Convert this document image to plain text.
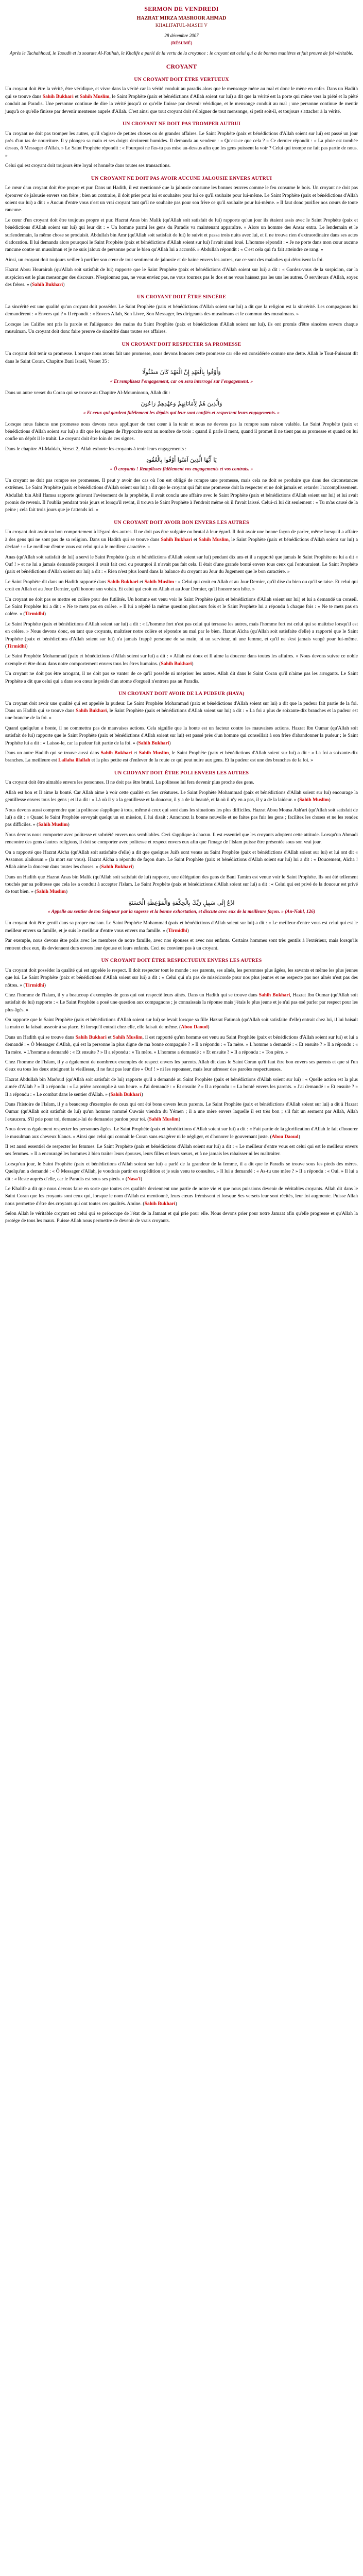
SERMON DE VENDREDI
HAZRAT MIRZA MASROOR AHMAD
KHALIFATUL-MASIH V
28 décembre 2007
(RÉSUMÉ)
Après le Tachahhoud, le Taoudh et la sourate Al-Fatihah, le Khalife a parlé de la vertu de la croyance : le croyant est celui qui a de bonnes manières et fait preuve de foi véritable.
CROYANT
UN CROYANT DOIT ÊTRE VERTUEUX

Un croyant doit être la vérité, être véridique, et vivre dans la vérité car la vérité conduit au paradis alors que le mensonge mène au mal et donc le mène en enfer. Dans un Hadith qui se trouve dans Sahih Bukhari et Sahih Muslim, le Saint Prophète (paix et bénédictions d'Allah soient sur lui) a dit que la vérité est la porte qui mène vers la piété et la piété conduit au Paradis. Une personne continue de dire la vérité jusqu'à ce qu'elle finisse par devenir véridique, et le mensonge conduit au mal ; une personne continue de mentir jusqu'à ce qu'elle finisse par devenir menteuse auprès d'Allah. C'est ainsi que tout croyant doit s'éloigner de tout mensonge, si petit soit-il, et toujours s'attacher à la vérité.

UN CROYANT NE DOIT PAS TROMPER AUTRUI

Un croyant ne doit pas tromper les autres, qu'il s'agisse de petites choses ou de grandes affaires. Le Saint Prophète (paix et bénédictions d'Allah soient sur lui) est passé un jour près d'un tas de nourriture. Il y plongea sa main et ses doigts devinrent humides. Il demanda au vendeur : « Qu'est-ce que cela ? » Ce dernier répondit : « La pluie est tombée dessus, ô Messager d'Allah. » Le Saint Prophète répondit : « Pourquoi ne l'as-tu pas mise au-dessus afin que les gens puissent la voir ? Celui qui trompe ne fait pas partie de nous. »

Celui qui est croyant doit toujours être loyal et honnête dans toutes ses transactions.

UN CROYANT NE DOIT PAS AVOIR AUCUNE JALOUSIE ENVERS AUTRUI

Le cœur d'un croyant doit être propre et pur. Dans un Hadith, il est mentionné que la jalousie consume les bonnes œuvres comme le feu consume le bois. Un croyant ne doit pas éprouver de jalousie envers son frère ; bien au contraire, il doit prier pour lui et souhaiter pour lui ce qu'il souhaite pour lui-même. Le Saint Prophète (paix et bénédictions d'Allah soient sur lui) a dit : « Aucun d'entre vous n'est un vrai croyant tant qu'il ne souhaite pas pour son frère ce qu'il souhaite pour lui-même. » Il faut donc purifier nos cœurs de toute rancune.

Le cœur d'un croyant doit être toujours propre et pur. Hazrat Anas bin Malik (qu'Allah soit satisfait de lui) rapporte qu'un jour ils étaient assis avec le Saint Prophète (paix et bénédictions d'Allah soient sur lui) qui leur dit : « Un homme parmi les gens du Paradis va maintenant apparaître. » Alors un homme des Ansar entra. Le lendemain et le surlendemain, la même chose se produisit. Abdullah bin Amr (qu'Allah soit satisfait de lui) le suivit et passa trois nuits avec lui, et il ne trouva rien d'extraordinaire dans ses actes d'adoration. Il lui demanda alors pourquoi le Saint Prophète (paix et bénédictions d'Allah soient sur lui) l'avait ainsi loué. L'homme répondit : « Je ne porte dans mon cœur aucune rancune contre un musulman et je ne suis jaloux de personne pour le bien qu'Allah lui a accordé. » Abdullah répondit : « C'est cela qui t'a fait atteindre ce rang. »

Ainsi, un croyant doit toujours veiller à purifier son cœur de tout sentiment de jalousie et de haine envers les autres, car ce sont des maladies qui détruisent la foi.

Hazrat Abou Hourairah (qu'Allah soit satisfait de lui) rapporte que le Saint Prophète (paix et bénédictions d'Allah soient sur lui) a dit : « Gardez-vous de la suspicion, car la suspicion est le plus mensonger des discours. N'espionnez pas, ne vous enviez pas, ne vous tournez pas le dos et ne vous haïssez pas les uns les autres. Ô serviteurs d'Allah, soyez des frères. » (Sahih Bukhari)

UN CROYANT DOIT ÊTRE SINCÈRE

La sincérité est une qualité qu'un croyant doit posséder. Le Saint Prophète (paix et bénédictions d'Allah soient sur lui) a dit que la religion est la sincérité. Les compagnons lui demandèrent : « Envers qui ? » Il répondit : « Envers Allah, Son Livre, Son Messager, les dirigeants des musulmans et le commun des musulmans. »

Lorsque les Califes ont pris la parole et l'allégeance des mains du Saint Prophète (paix et bénédictions d'Allah soient sur lui), ils ont promis d'être sincères envers chaque musulman. Un croyant doit donc faire preuve de sincérité dans toutes ses affaires.

UN CROYANT DOIT RESPECTER SA PROMESSE

Un croyant doit tenir sa promesse. Lorsque nous avons fait une promesse, nous devons honorer cette promesse car elle est considérée comme une dette. Allah le Tout-Puissant dit dans le Saint Coran, Chapitre Bani Israël, Verset 35 :

وَأَوْفُوا بِالْعَهْدِ إِنَّ الْعَهْدَ كَانَ مَسْئُولًا
« Et remplissez l'engagement, car on sera interrogé sur l'engagement. »

Dans un autre verset du Coran qui se trouve au Chapitre Al-Mouminoun, Allah dit :

وَالَّذِينَ هُمْ لِأَمَانَاتِهِمْ وَعَهْدِهِمْ رَاعُونَ
« Et ceux qui gardent fidèlement les dépôts qui leur sont confiés et respectent leurs engagements. »

Lorsque nous faisons une promesse nous devons nous appliquer de tout cœur à la tenir et nous ne devons pas la rompre sans raison valable. Le Saint Prophète (paix et bénédictions d'Allah soient sur lui) a dit que les signes de l'hypocrite sont au nombre de trois : quand il parle il ment, quand il promet il ne tient pas sa promesse et quand on lui confie un dépôt il le trahit. Le croyant doit être loin de ces signes.

Dans le chapitre Al-Maïdah, Verset 2, Allah exhorte les croyants à tenir leurs engagements :

يَا أَيُّهَا الَّذِينَ آمَنُوا أَوْفُوا بِالْعُقُودِ
« Ô croyants ! Remplissez fidèlement vos engagements et vos contrats. »

Un croyant ne doit pas rompre ses promesses. Il peut y avoir des cas où l'on est obligé de rompre une promesse, mais cela ne doit se produire que dans des circonstances extrêmes. Le Saint Prophète (paix et bénédictions d'Allah soient sur lui) a dit que le croyant qui fait une promesse doit la respecter et ne doit jamais en retarder l'accomplissement. Abdullah bin Abil Hamsa rapporte qu'avant l'avènement de la prophétie, il avait conclu une affaire avec le Saint Prophète (paix et bénédictions d'Allah soient sur lui) et lui avait promis de revenir. Il l'oublia pendant trois jours et lorsqu'il revint, il trouva le Saint Prophète à l'endroit même où il l'avait laissé. Celui-ci lui dit seulement : « Tu m'as causé de la peine ; cela fait trois jours que je t'attends ici. »

UN CROYANT DOIT AVOIR BON ENVERS LES AUTRES

Un croyant doit avoir un bon comportement à l'égard des autres. Il ne doit pas être vulgaire ou brutal à leur égard. Il doit avoir une bonne façon de parler, même lorsqu'il a affaire à des gens qui ne sont pas de sa religion. Dans un Hadith qui se trouve dans Sahih Bukhari et Sahih Muslim, le Saint Prophète (paix et bénédictions d'Allah soient sur lui) a déclaré : « Le meilleur d'entre vous est celui qui a le meilleur caractère. »

Anas (qu'Allah soit satisfait de lui) a servi le Saint Prophète (paix et bénédictions d'Allah soient sur lui) pendant dix ans et il a rapporté que jamais le Saint Prophète ne lui a dit « Ouf ! » et ne lui a jamais demandé pourquoi il avait fait ceci ou pourquoi il n'avait pas fait cela. Il était d'une grande bonté envers tous ceux qui l'entouraient. Le Saint Prophète (paix et bénédictions d'Allah soient sur lui) a dit : « Rien n'est plus lourd dans la balance du croyant au Jour du Jugement que le bon caractère. »

Le Saint Prophète dit dans un Hadith rapporté dans Sahih Bukhari et Sahih Muslim : « Celui qui croit en Allah et au Jour Dernier, qu'il dise du bien ou qu'il se taise. Et celui qui croit en Allah et au Jour Dernier, qu'il honore son voisin. Et celui qui croit en Allah et au Jour Dernier, qu'il honore son hôte. »

Un croyant ne doit pas se mettre en colère pour des futilités. Un homme est venu voir le Saint Prophète (paix et bénédictions d'Allah soient sur lui) et lui a demandé un conseil. Le Saint Prophète lui a dit : « Ne te mets pas en colère. » Il lui a répété la même question plusieurs fois et le Saint Prophète lui a répondu à chaque fois : « Ne te mets pas en colère. » (Tirmidhi)

Le Saint Prophète (paix et bénédictions d'Allah soient sur lui) a dit : « L'homme fort n'est pas celui qui terrasse les autres, mais l'homme fort est celui qui se maîtrise lorsqu'il est en colère. » Nous devons donc, en tant que croyants, maîtriser notre colère et répondre au mal par le bien. Hazrat Aïcha (qu'Allah soit satisfaite d'elle) a rapporté que le Saint Prophète (paix et bénédictions d'Allah soient sur lui) n'a jamais frappé personne de sa main, ni un serviteur, ni une femme, et qu'il ne s'est jamais vengé pour lui-même. (Tirmidhi)

Le Saint Prophète Mohammad (paix et bénédictions d'Allah soient sur lui) a dit : « Allah est doux et Il aime la douceur dans toutes les affaires. » Nous devons suivre ce noble exemple et être doux dans notre comportement envers tous les êtres humains. (Sahih Bukhari)

Un croyant ne doit pas être arrogant, il ne doit pas se vanter de ce qu'il possède ni mépriser les autres. Allah dit dans le Saint Coran qu'il n'aime pas les arrogants. Le Saint Prophète a dit que celui qui a dans son cœur le poids d'un atome d'orgueil n'entrera pas au Paradis.

UN CROYANT DOIT AVOIR DE LA PUDEUR (HAYA)

Un croyant doit avoir une qualité qui est appelée la pudeur. Le Saint Prophète Mohammad (paix et bénédictions d'Allah soient sur lui) a dit que la pudeur fait partie de la foi. Dans un Hadith qui se trouve dans Sahih Bukhari, le Saint Prophète (paix et bénédictions d'Allah soient sur lui) a dit : « La foi a plus de soixante-dix branches et la pudeur est une branche de la foi. »

Quand quelqu'un a honte, il ne commettra pas de mauvaises actions. Cela signifie que la honte est un facteur contre les mauvaises actions. Hazrat Ibn Oumar (qu'Allah soit satisfait de lui) rapporte que le Saint Prophète (paix et bénédictions d'Allah soient sur lui) est passé près d'un homme qui conseillait à son frère d'abandonner la pudeur ; le Saint Prophète lui a dit : « Laisse-le, car la pudeur fait partie de la foi. » (Sahih Bukhari)

Dans un autre Hadith qui se trouve aussi dans Sahih Bukhari et Sahih Muslim, le Saint Prophète (paix et bénédictions d'Allah soient sur lui) a dit : « La foi a soixante-dix branches. La meilleure est Lailaha illallah et la plus petite est d'enlever de la route ce qui peut nuire aux gens. Et la pudeur est une des branches de la foi. »

UN CROYANT DOIT ÊTRE POLI ENVERS LES AUTRES

Un croyant doit être aimable envers les personnes. Il ne doit pas être brutal. La politesse lui fera devenir plus proche des gens.

Allah est bon et Il aime la bonté. Car Allah aime à voir cette qualité en Ses créatures. Le Saint Prophète Mohammad (paix et bénédictions d'Allah soient sur lui) encourage la gentillesse envers tous les gens ; et il a dit : « Là où il y a la gentillesse et la douceur, il y a de la beauté, et là où il n'y en a pas, il y a de la laideur. » (Sahih Muslim)

Nous devons aussi comprendre que la politesse s'applique à tous, même à ceux qui sont dans les situations les plus difficiles. Hazrat Abou Mousa Ash'ari (qu'Allah soit satisfait de lui) a dit : « Quand le Saint Prophète envoyait quelqu'un en mission, il lui disait : Annoncez la bonne nouvelle et ne faites pas fuir les gens ; facilitez les choses et ne les rendez pas difficiles. » (Sahih Muslim)

Nous devons nous comporter avec politesse et sobriété envers nos semblables. Ceci s'applique à chacun. Il est essentiel que les croyants adoptent cette attitude. Lorsqu'un Ahmadi rencontre des gens d'autres religions, il doit se comporter avec politesse et respect envers eux afin que l'image de l'Islam puisse être présentée sous son vrai jour.

On a rapporté que Hazrat Aïcha (qu'Allah soit satisfaite d'elle) a dit que quelques Juifs sont venus au Saint Prophète (paix et bénédictions d'Allah soient sur lui) et lui ont dit « Assamou alaikoum » (la mort sur vous). Hazrat Aïcha a répondu de façon dure. Le Saint Prophète (paix et bénédictions d'Allah soient sur lui) lui a dit : « Doucement, Aïcha ! Allah aime la douceur dans toutes les choses. » (Sahih Bukhari)

Dans un Hadith que Hazrat Anas bin Malik (qu'Allah soit satisfait de lui) rapporte, une délégation des gens de Bani Tamim est venue voir le Saint Prophète. Ils ont été tellement touchés par sa politesse que cela les a conduit à accepter l'Islam. Le Saint Prophète (paix et bénédictions d'Allah soient sur lui) a dit : « Celui qui est privé de la douceur est privé de tout bien. » (Sahih Muslim)

ادْعُ إِلَى سَبِيلِ رَبِّكَ بِالْحِكْمَةِ وَالْمَوْعِظَةِ الْحَسَنَةِ
« Appelle au sentier de ton Seigneur par la sagesse et la bonne exhortation, et discute avec eux de la meilleure façon. » (An-Nahl, 126)

Un croyant doit être gentil dans sa propre maison. Le Saint Prophète Mohammad (paix et bénédictions d'Allah soient sur lui) a dit : « Le meilleur d'entre vous est celui qui est le meilleur envers sa famille, et je suis le meilleur d'entre vous envers ma famille. » (Tirmidhi)

Par exemple, nous devons être polis avec les membres de notre famille, avec nos épouses et avec nos enfants. Certains hommes sont très gentils à l'extérieur, mais lorsqu'ils rentrent chez eux, ils deviennent durs envers leur épouse et leurs enfants. Ceci ne convient pas à un croyant.

UN CROYANT DOIT ÊTRE RESPECTUEUX ENVERS LES AUTRES

Un croyant doit posséder la qualité qui est appelée le respect. Il doit respecter tout le monde : ses parents, ses aînés, les personnes plus âgées, les savants et même les plus jeunes que lui. Le Saint Prophète (paix et bénédictions d'Allah soient sur lui) a dit : « Celui qui n'a pas de miséricorde pour nos plus jeunes et ne respecte pas nos aînés n'est pas des nôtres. » (Tirmidhi)

Chez l'homme de l'Islam, il y a beaucoup d'exemples de gens qui ont respecté leurs aînés. Dans un Hadith qui se trouve dans Sahih Bukhari, Hazrat Ibn Oumar (qu'Allah soit satisfait de lui) rapporte : « Le Saint Prophète a posé une question aux compagnons ; je connaissais la réponse mais j'étais le plus jeune et je n'ai pas osé parler par respect pour les plus âgés. »

On rapporte que le Saint Prophète (paix et bénédictions d'Allah soient sur lui) se levait lorsque sa fille Hazrat Fatimah (qu'Allah soit satisfaite d'elle) entrait chez lui, il lui baisait la main et la faisait asseoir à sa place. Et lorsqu'il entrait chez elle, elle faisait de même. (Abou Daoud)

Dans un Hadith qui se trouve dans Sahih Bukhari et Sahih Muslim, il est rapporté qu'un homme est venu au Saint Prophète (paix et bénédictions d'Allah soient sur lui) et lui a demandé : « Ô Messager d'Allah, qui est la personne la plus digne de ma bonne compagnie ? » Il a répondu : « Ta mère. » L'homme a demandé : « Et ensuite ? » Il a répondu : « Ta mère. » L'homme a demandé : « Et ensuite ? » Il a répondu : « Ta mère. » L'homme a demandé : « Et ensuite ? » Il a répondu : « Ton père. »

Chez l'homme de l'Islam, il y a également de nombreux exemples de respect envers les parents. Allah dit dans le Saint Coran qu'il faut être bon envers ses parents et que si l'un d'eux ou tous les deux atteignent la vieillesse, il ne faut pas leur dire « Ouf ! » ni les repousser, mais leur adresser des paroles respectueuses.

Hazrat Abdullah bin Mas'oud (qu'Allah soit satisfait de lui) rapporte qu'il a demandé au Saint Prophète (paix et bénédictions d'Allah soient sur lui) : « Quelle action est la plus aimée d'Allah ? » Il a répondu : « La prière accomplie à son heure. » J'ai demandé : « Et ensuite ? » Il a répondu : « La bonté envers les parents. » J'ai demandé : « Et ensuite ? » Il a répondu : « Le combat dans le sentier d'Allah. » (Sahih Bukhari)

Dans l'histoire de l'Islam, il y a beaucoup d'exemples de ceux qui ont été bons envers leurs parents. Le Saint Prophète (paix et bénédictions d'Allah soient sur lui) a dit à Hazrat Oumar (qu'Allah soit satisfait de lui) qu'un homme nommé Ouwaïs viendra du Yémen ; il a une mère envers laquelle il est très bon ; s'il fait un serment par Allah, Allah l'exaucera. S'il prie pour toi, demande-lui de demander pardon pour toi. (Sahih Muslim)

Nous devons également respecter les personnes âgées. Le Saint Prophète (paix et bénédictions d'Allah soient sur lui) a dit : « Fait partie de la glorification d'Allah le fait d'honorer le musulman aux cheveux blancs. » Ainsi que celui qui connaît le Coran sans exagérer ni le négliger, et d'honorer le gouvernant juste. (Abou Daoud)

Il est aussi essentiel de respecter les femmes. Le Saint Prophète (paix et bénédictions d'Allah soient sur lui) a dit : « Le meilleur d'entre vous est celui qui est le meilleur envers ses femmes. » Il a encouragé les hommes à bien traiter leurs épouses, leurs filles et leurs sœurs, et à ne jamais les rabaisser ni les maltraiter.

Lorsqu'un jour, le Saint Prophète (paix et bénédictions d'Allah soient sur lui) a parlé de la grandeur de la femme, il a dit que le Paradis se trouve sous les pieds des mères. Quelqu'un a demandé : « Ô Messager d'Allah, je voudrais partir en expédition et je suis venu te consulter. » Il lui a demandé : « As-tu une mère ? » Il a répondu : « Oui. » Il lui a dit : « Reste auprès d'elle, car le Paradis est sous ses pieds. » (Nasa'i)

Le Khalife a dit que nous devons faire en sorte que toutes ces qualités deviennent une partie de notre vie et que nous puissions devenir de véritables croyants. Allah dit dans le Saint Coran que les croyants sont ceux qui, lorsque le nom d'Allah est mentionné, leurs cœurs frémissent et lorsque Ses versets leur sont récités, leur foi augmente. Puisse Allah nous permettre d'être des croyants qui ont toutes ces qualités. Amine. (Sahih Bukhari)

Selon Allah le véritable croyant est celui qui se préoccupe de l'état de la Jamaat et qui prie pour elle. Nous devons prier pour notre Jamaat afin qu'elle progresse et qu'Allah la protège de tous les maux. Puisse Allah nous permettre de devenir de vrais croyants.
